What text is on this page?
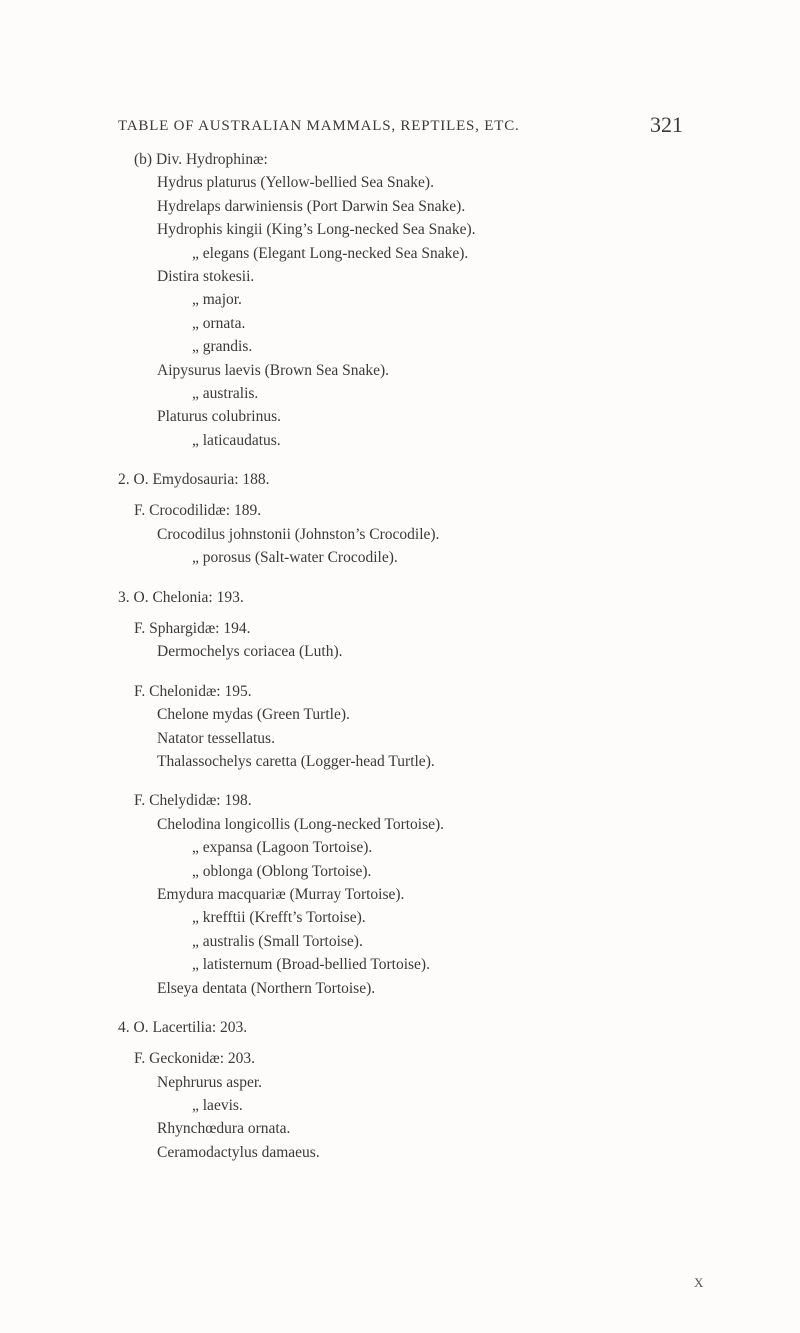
TABLE OF AUSTRALIAN MAMMALS, REPTILES, ETC.	321
(b) Div. Hydrophinæ:
Hydrus platurus (Yellow-bellied Sea Snake).
Hydrelaps darwiniensis (Port Darwin Sea Snake).
Hydrophis kingii (King’s Long-necked Sea Snake).
„ elegans (Elegant Long-necked Sea Snake).
Distira stokesii.
„ major.
„ ornata.
„ grandis.
Aipysurus laevis (Brown Sea Snake).
„ australis.
Platurus colubrinus.
„ laticaudatus.
2. O. Emydosauria: 188.
F. Crocodilidæ: 189.
Crocodilus johnstonii (Johnston’s Crocodile).
„ porosus (Salt-water Crocodile).
3. O. Chelonia: 193.
F. Sphargidæ: 194.
Dermochelys coriacea (Luth).
F. Chelonidæ: 195.
Chelone mydas (Green Turtle).
Natator tessellatus.
Thalassochelys caretta (Logger-head Turtle).
F. Chelydidæ: 198.
Chelodina longicollis (Long-necked Tortoise).
„ expansa (Lagoon Tortoise).
„ oblonga (Oblong Tortoise).
Emydura macquariæ (Murray Tortoise).
„ krefftii (Krefft’s Tortoise).
„ australis (Small Tortoise).
„ latisternum (Broad-bellied Tortoise).
Elseya dentata (Northern Tortoise).
4. O. Lacertilia: 203.
F. Geckonidæ: 203.
Nephrurus asper.
„ laevis.
Rhynchœdura ornata.
Ceramodactylus damaeus.
X
